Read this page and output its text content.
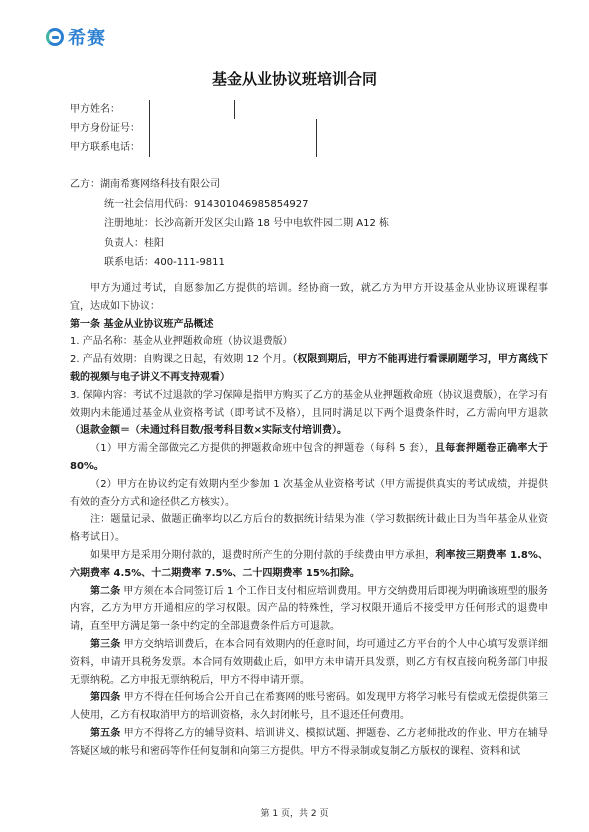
希赛
基金从业协议班培训合同
甲方姓名：
甲方身份证号：
甲方联系电话：
乙方：湖南希赛网络科技有限公司
统一社会信用代码：914301046985854927
注册地址：长沙高新开发区尖山路 18 号中电软件园二期 A12 栋
负责人：桂阳
联系电话：400-111-9811

甲方为通过考试，自愿参加乙方提供的培训。经协商一致，就乙方为甲方开设基金从业协议班课程事宜，达成如下协议：

第一条 基金从业协议班产品概述

1. 产品名称：基金从业押题救命班（协议退费版）

2. 产品有效期：自购课之日起，有效期 12 个月。（权限到期后，甲方不能再进行看课刷题学习，甲方离线下载的视频与电子讲义不再支持观看）

3. 保障内容：考试不过退款的学习保障是指甲方购买了乙方的基金从业押题救命班（协议退费版），在学习有效期内未能通过基金从业资格考试（即考试不及格），且同时满足以下两个退费条件时，乙方需向甲方退款（退款金额＝（未通过科目数/报考科目数×实际支付培训费）。

（1）甲方需全部做完乙方提供的押题救命班中包含的押题卷（每科 5 套），且每套押题卷正确率大于 80%。

（2）甲方在协议约定有效期内至少参加 1 次基金从业资格考试（甲方需提供真实的考试成绩，并提供有效的查分方式和途径供乙方核实）。

注：题量记录、做题正确率均以乙方后台的数据统计结果为准（学习数据统计截止日为当年基金从业资格考试日）。

如果甲方是采用分期付款的，退费时所产生的分期付款的手续费由甲方承担，利率按三期费率 1.8%、六期费率 4.5%、十二期费率 7.5%、二十四期费率 15%扣除。

第二条 甲方须在本合同签订后 1 个工作日支付相应培训费用。甲方交纳费用后即视为明确该班型的服务内容，乙方为甲方开通相应的学习权限。因产品的特殊性，学习权限开通后不接受甲方任何形式的退费申请，直至甲方满足第一条中约定的全部退费条件后方可退款。

第三条 甲方交纳培训费后，在本合同有效期内的任意时间，均可通过乙方平台的个人中心填写发票详细资料，申请开具税务发票。本合同有效期截止后，如甲方未申请开具发票，则乙方有权直接向税务部门申报无票纳税。乙方申报无票纳税后，甲方不得申请开票。

第四条 甲方不得在任何场合公开自己在希赛网的账号密码。如发现甲方将学习帐号有偿或无偿提供第三人使用，乙方有权取消甲方的培训资格，永久封闭帐号，且不退还任何费用。

第五条 甲方不得将乙方的辅导资料、培训讲义、模拟试题、押题卷、乙方老师批改的作业、甲方在辅导答疑区域的帐号和密码等作任何复制和向第三方提供。甲方不得录制或复制乙方版权的课程、资料和试

第 1 页，共 2 页
